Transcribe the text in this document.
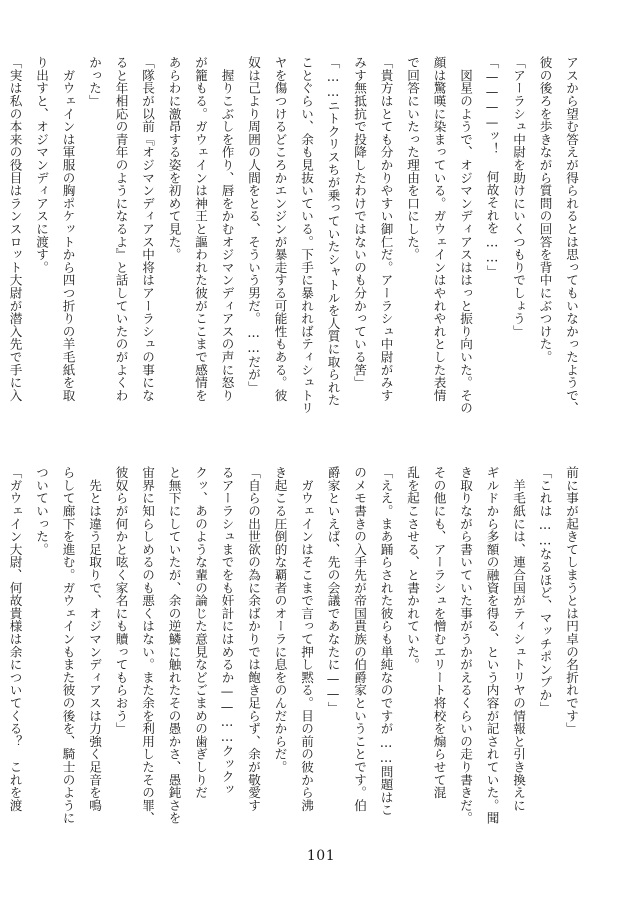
アスから望む答えが得られるとは思ってもいなかったようで、
彼の後ろを歩きながら質問の回答を背中にぶつけた。
「アーラシュ中尉を助けにいくつもりでしょう」
「————ッ！ 何故それを……」
　図星のようで、オジマンディアスははっと振り向いた。その
顔は驚嘆に染まっている。ガウェインはやれやれとした表情
で回答にいたった理由を口にした。
「貴方はとても分かりやすい御仁だ。アーラシュ中尉がみす
みす無抵抗で投降したわけではないのも分かっている筈」
「……ニトクリスちが乗っていたシャトルを人質に取られた
ことぐらい、余も見抜いている。下手に暴れればティシュトリ
ヤを傷つけるどころかエンジンが暴走する可能性もある。彼
奴は己より周囲の人間をとる、そういう男だ。……だが」
　握りこぶしを作り、唇をかむオジマンディアスの声に怒り
が籠もる。ガウェインは神王と謳われた彼がここまで感情を
あらわに激昂する姿を初めて見た。
「隊長が以前『オジマンディアス中将はアーラシュの事にな
ると年相応の青年のようになるよ』と話していたのがよくわ
かった」
　ガウェインは軍服の胸ポケットから四つ折りの羊毛紙を取
り出すと、オジマンディアスに渡す。
「実は私の本来の役目はランスロット大尉が潜入先で手に入

前に事が起きてしまうとは円卓の名折れです」
「これは……なるほど、マッチポンプか」
　羊毛紙には、連合国がティシュトリヤの情報と引き換えに
ギルドから多額の融資を得る、という内容が記されていた。聞
き取りながら書いていた事がうかがえるくらいの走り書きだ。
その他にも、アーラシュを憎むエリート将校を煽らせて混
乱を起こさせる、と書かれていた。
「ええ。まあ踊らされた彼らも単純なのですが……問題はこ
のメモ書きの入手先が帝国貴族の伯爵家ということです。伯
爵家といえば、先の会議であなたに——」
　ガウェインはそこまで言って押し黙る。目の前の彼から沸
き起こる圧倒的な覇者のオーラに息をのんだからだ。
「自らの出世欲の為に余ばかりでは飽き足らず、余が敬愛す
るアーラシュまでをも奸計にはめるか——……クックッ
クッ、あのような輩の論じた意見などごまめの歯ぎしりだ
と無下にしていたが、余の逆鱗に触れたその愚かさ、愚鈍さを
宙界に知らしめるのも悪くはない。また余を利用したその罪、
彼奴らが何かと呟く家名にも贖ってもらおう」
　先とは違う足取りで、オジマンディアスは力強く足音を鳴
らして廊下を進む。ガウェインもまた彼の後を、騎士のように
ついていった。
「ガウェイン大尉、何故貴様は余についてくる？　これを渡

101
